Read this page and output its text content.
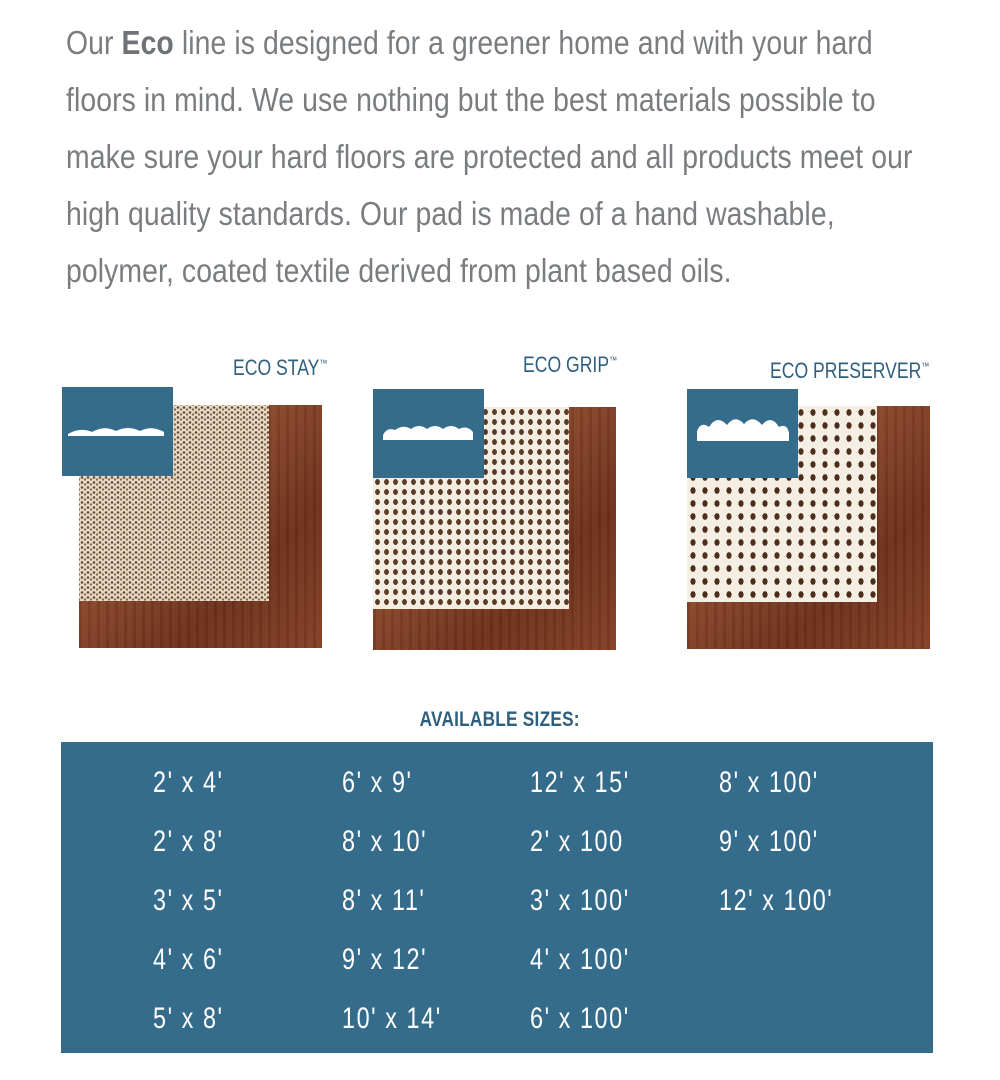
Our Eco line is designed for a greener home and with your hard floors in mind. We use nothing but the best materials possible to make sure your hard floors are protected and all products meet our high quality standards. Our pad is made of a hand washable, polymer, coated textile derived from plant based oils.

ECO STAY™	ECO GRIP™	ECO PRESERVER™
AVAILABLE SIZES:
2' x 4'
2' x 8'
3' x 5'
4' x 6'
5' x 8'
6' x 9'
8' x 10'
8' x 11'
9' x 12'
10' x 14'
12' x 15'
2' x 100
3' x 100'
4' x 100'
6' x 100'
8' x 100'
9' x 100'
12' x 100'
